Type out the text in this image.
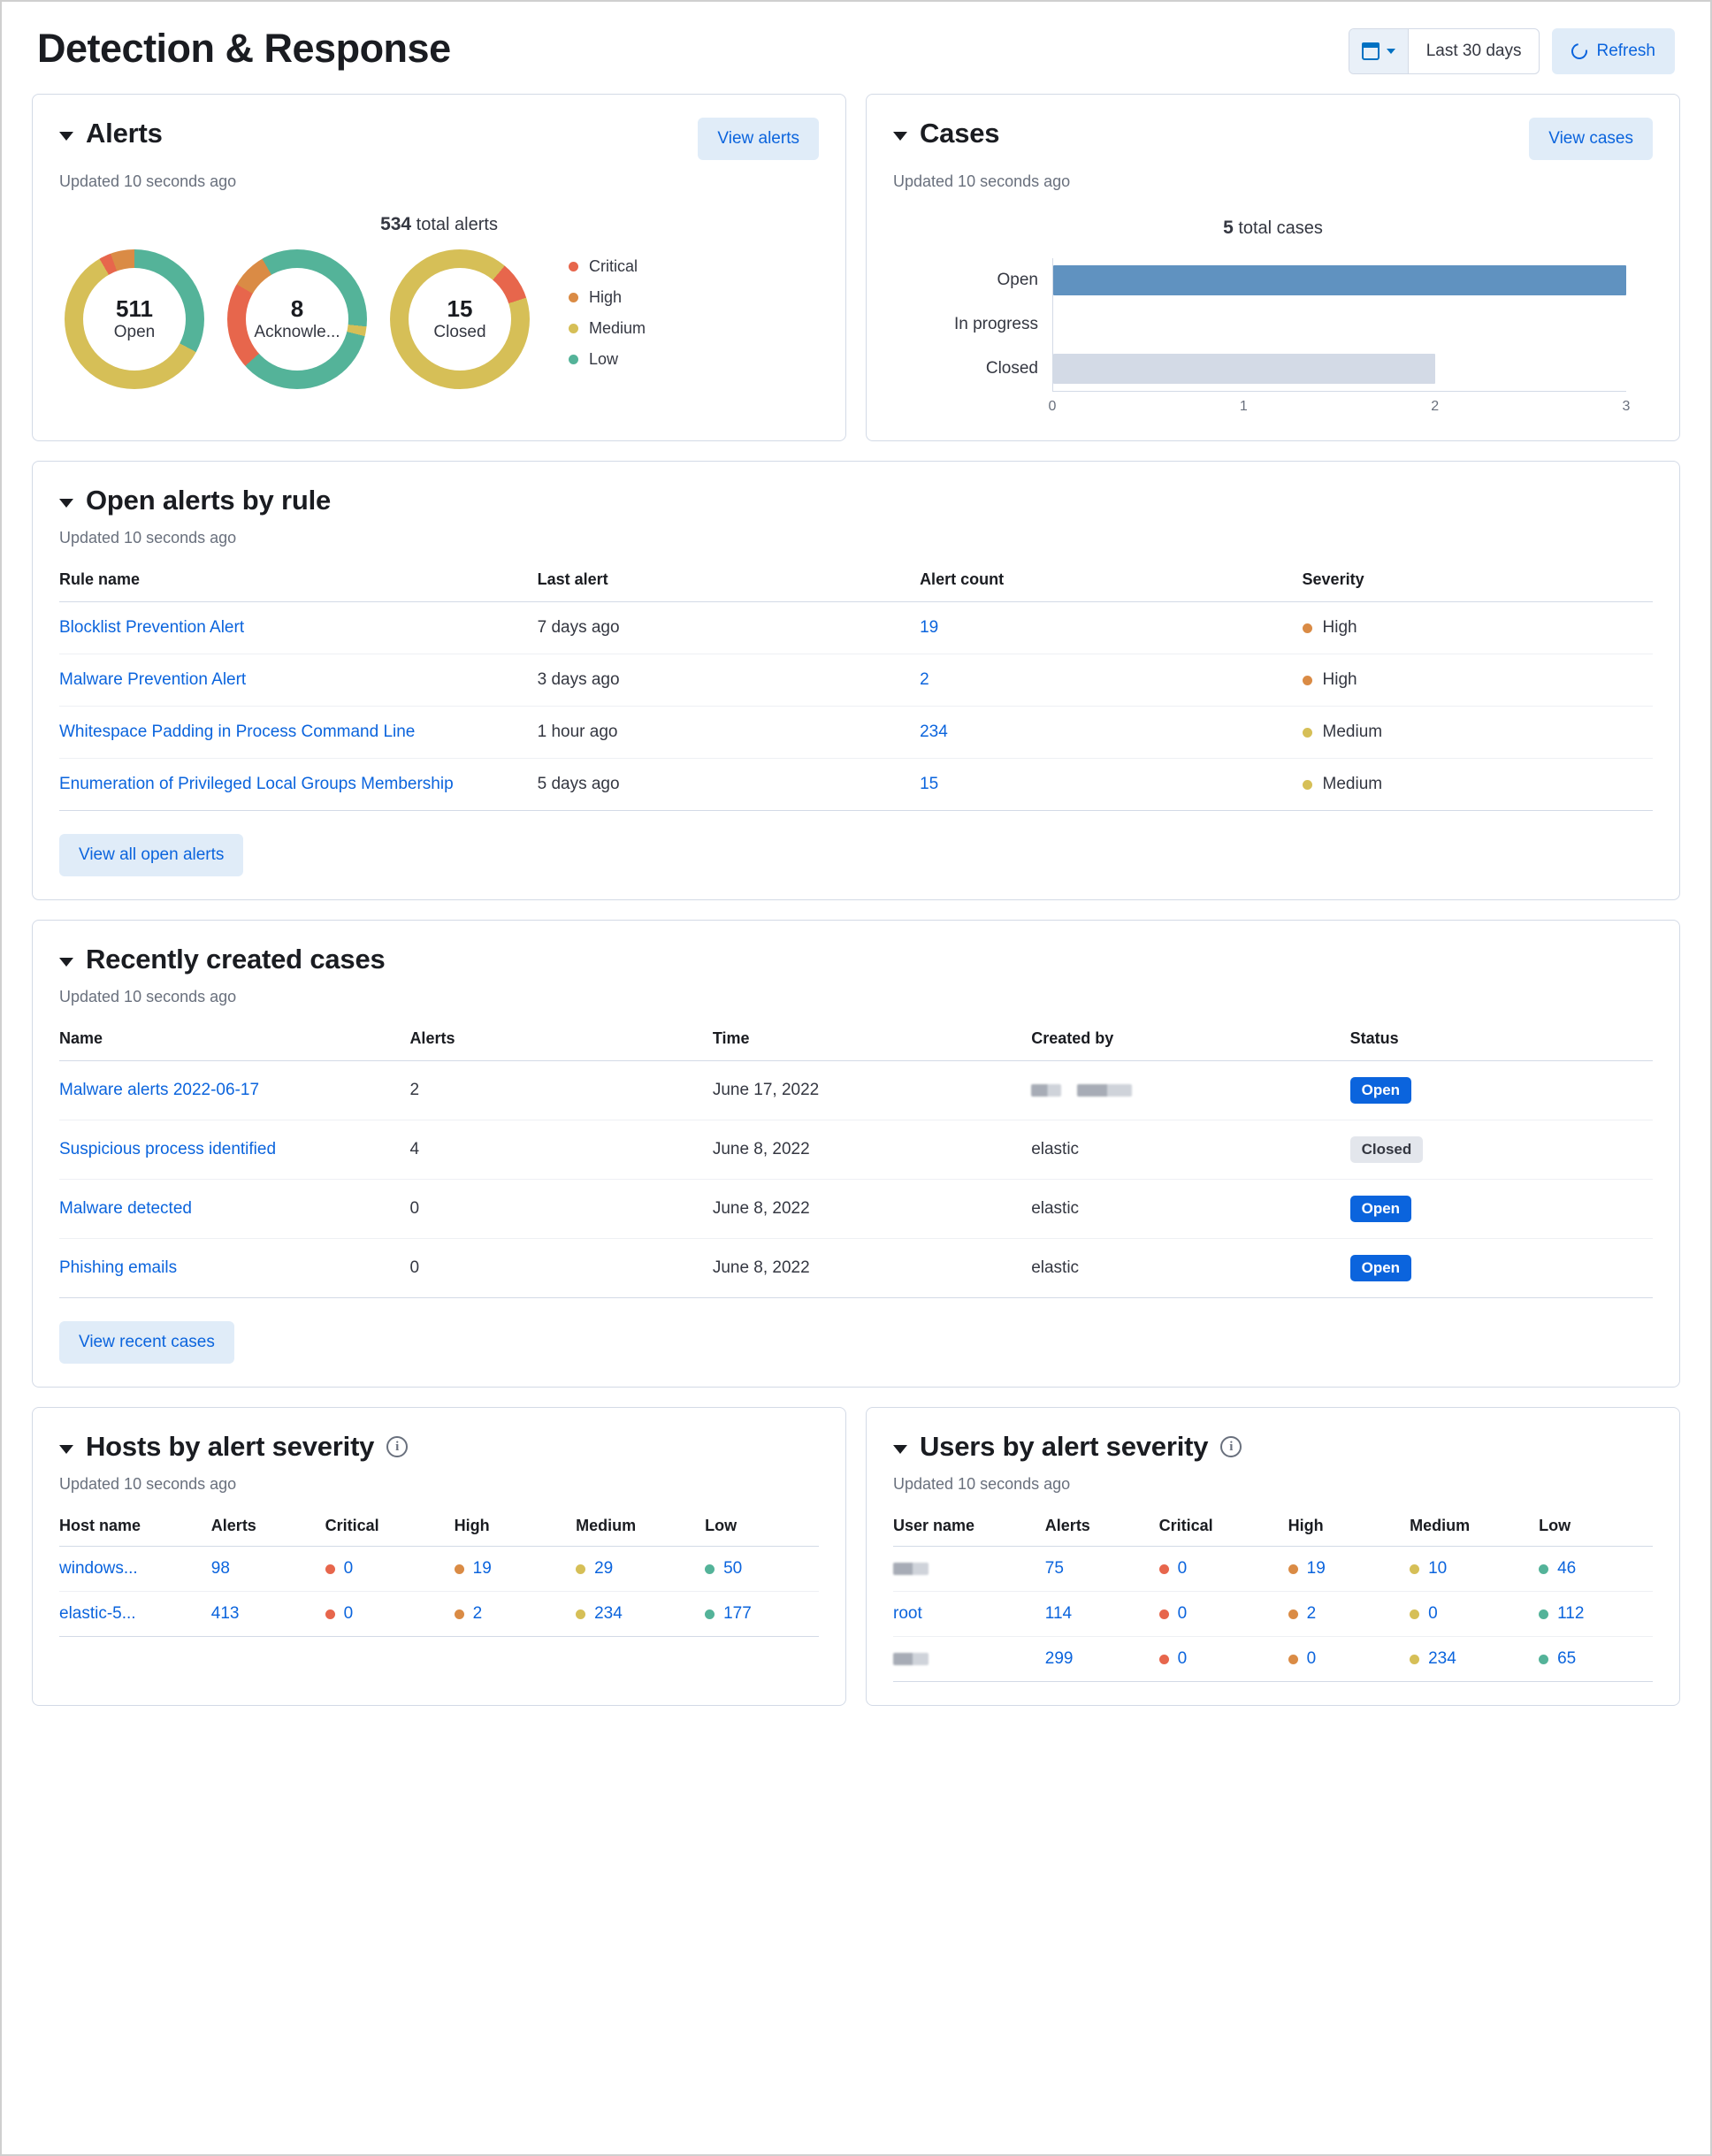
Detection & Response	Last 30 days	Refresh
Alerts	View alerts
Updated 10 seconds ago
534 total alerts
511
Open
8
Acknowle...
15
Closed
Critical
High
Medium
Low
Cases	View cases
Updated 10 seconds ago
5 total cases
Open
In progress
Closed
0	1	2	3
Open alerts by rule
Updated 10 seconds ago
Rule name	Last alert	Alert count	Severity
Blocklist Prevention Alert	7 days ago	19	High

Malware Prevention Alert	3 days ago	2	High

Whitespace Padding in Process Command Line	1 hour ago	234	Medium

Enumeration of Privileged Local Groups Membership	5 days ago	15	Medium
View all open alerts
Recently created cases
Updated 10 seconds ago
Name	Alerts	Time	Created by	Status
Malware alerts 2022-06-17	2	June 17, 2022		Open
Suspicious process identified	4	June 8, 2022	elastic	Closed
Malware detected	0	June 8, 2022	elastic	Open
Phishing emails	0	June 8, 2022	elastic	Open
View recent cases
Hosts by alert severity	i
Updated 10 seconds ago
Host name	Alerts	Critical	High	Medium	Low
windows...	98	0	19	29	50

elastic-5...	413	0	2	234	177
Users by alert severity	i
Updated 10 seconds ago
User name	Alerts	Critical	High	Medium	Low
	75	0	19	10	46

root	114	0	2	0	112

	299	0	0	234	65
